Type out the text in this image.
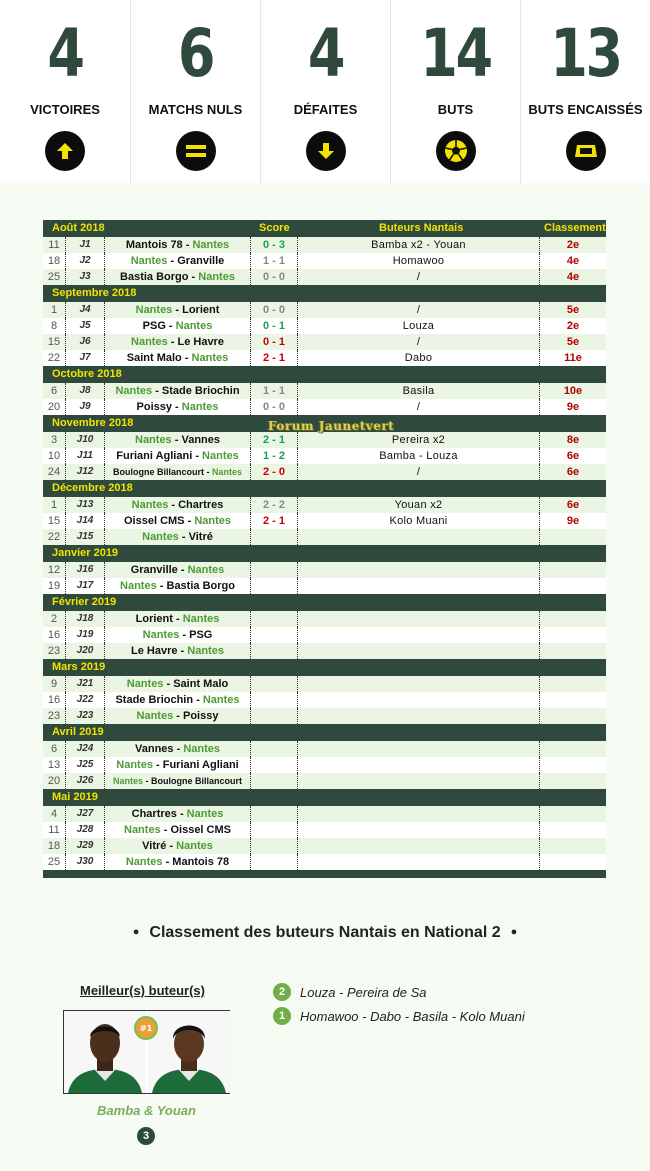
4
VICTOIRES
6
MATCHS NULS
4
DÉFAITES
14
BUTS
13
BUTS ENCAISSÉS
Août 2018	Score	Buteurs Nantais	Classement
11	J1	Mantois 78 - Nantes	0 - 3	Bamba x2 - Youan	2e
18	J2	Nantes - Granville	1 - 1	Homawoo	4e
25	J3	Bastia Borgo - Nantes	0 - 0	/	4e
Septembre 2018
1	J4	Nantes - Lorient	0 - 0	/	5e
8	J5	PSG - Nantes	0 - 1	Louza	2e
15	J6	Nantes - Le Havre	0 - 1	/	5e
22	J7	Saint Malo - Nantes	2 - 1	Dabo	11e
Octobre 2018
6	J8	Nantes - Stade Briochin	1 - 1	Basila	10e
20	J9	Poissy - Nantes	0 - 0	/	9e
Novembre 2018
3	J10	Nantes - Vannes	2 - 1	Pereira x2	8e
10	J11	Furiani Agliani - Nantes	1 - 2	Bamba - Louza	6e
24	J12	Boulogne Billancourt - Nantes	2 - 0	/	6e
Décembre 2018
1	J13	Nantes - Chartres	2 - 2	Youan x2	6e
15	J14	Oissel CMS - Nantes	2 - 1	Kolo Muani	9e
22	J15	Nantes - Vitré
Janvier 2019
12	J16	Granville - Nantes
19	J17	Nantes - Bastia Borgo
Février 2019
2	J18	Lorient - Nantes
16	J19	Nantes - PSG
23	J20	Le Havre - Nantes
Mars 2019
9	J21	Nantes - Saint Malo
16	J22	Stade Briochin - Nantes
23	J23	Nantes - Poissy
Avril 2019
6	J24	Vannes - Nantes
13	J25	Nantes - Furiani Agliani
20	J26	Nantes - Boulogne Billancourt
Mai 2019
4	J27	Chartres - Nantes
11	J28	Nantes - Oissel CMS
18	J29	Vitré - Nantes
25	J30	Nantes - Mantois 78
Forum Jaunetvert
● Classement des buteurs Nantais en National 2 ●
Meilleur(s) buteur(s)
#1
Bamba & Youan
3
2	Louza - Pereira de Sa
1	Homawoo - Dabo - Basila - Kolo Muani
